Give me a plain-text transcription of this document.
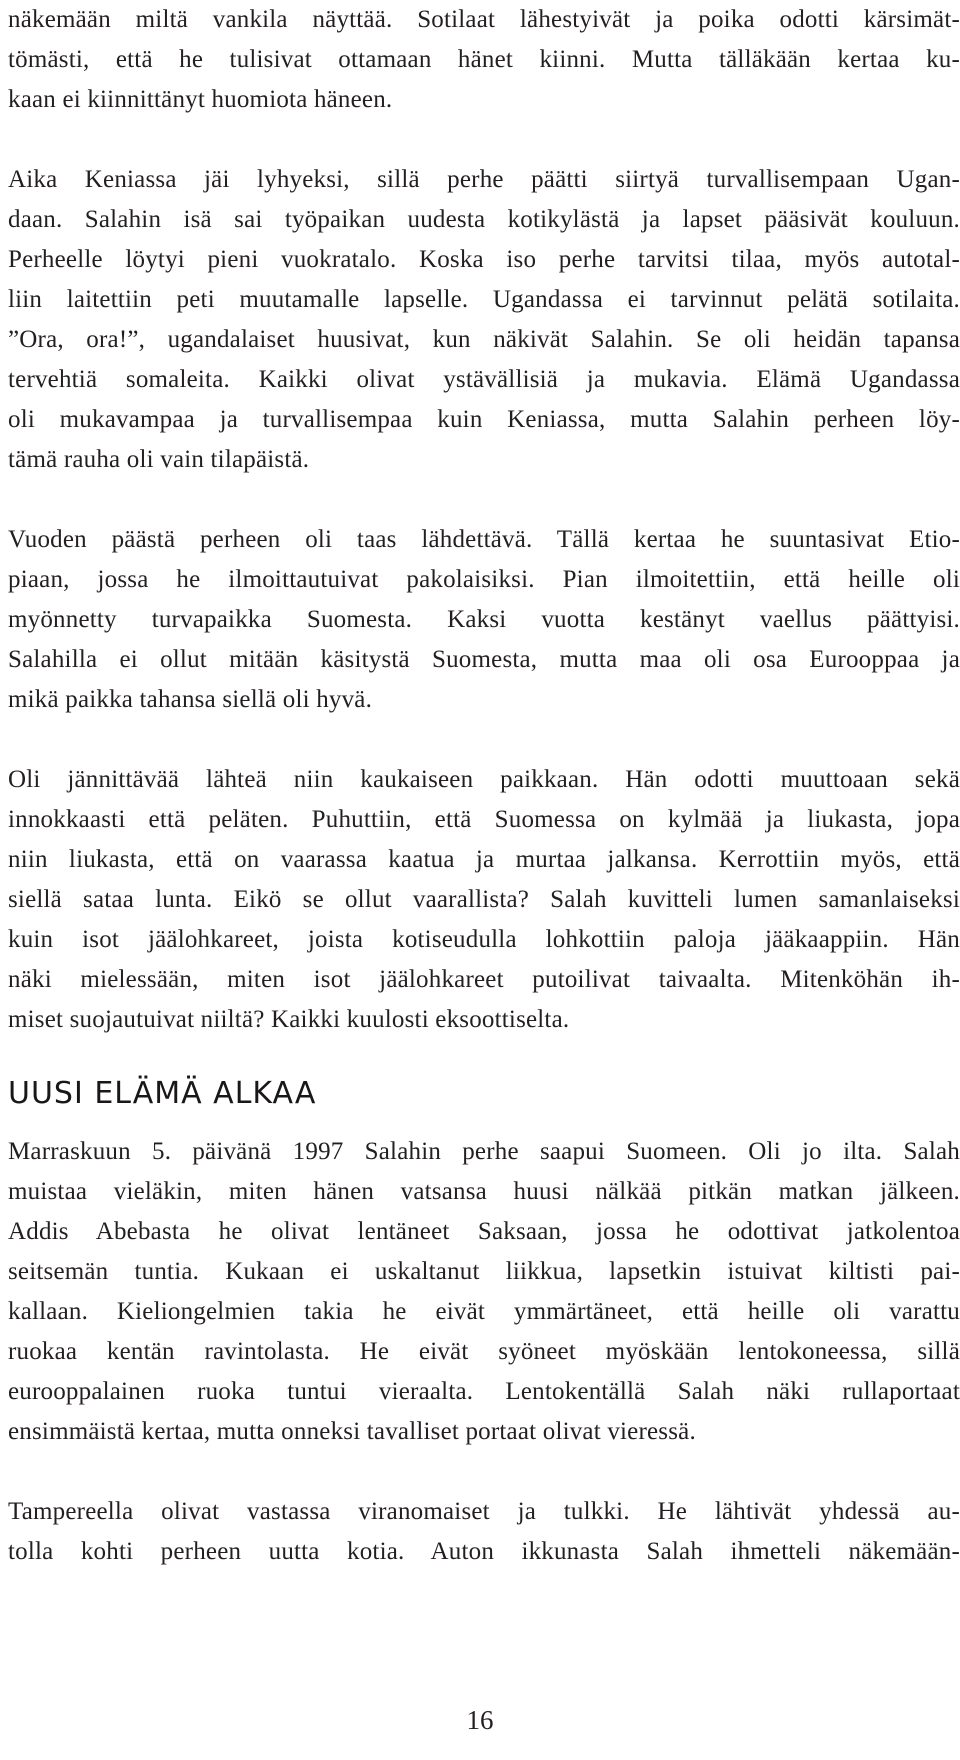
näkemään miltä vankila näyttää. Sotilaat lähestyivät ja poika odotti kärsimät-
tömästi, että he tulisivat ottamaan hänet kiinni. Mutta tälläkään kertaa ku-
kaan ei kiinnittänyt huomiota häneen.

Aika Keniassa jäi lyhyeksi, sillä perhe päätti siirtyä turvallisempaan Ugan-
daan. Salahin isä sai työpaikan uudesta kotikylästä ja lapset pääsivät kouluun.
Perheelle löytyi pieni vuokratalo. Koska iso perhe tarvitsi tilaa, myös autotal-
liin laitettiin peti muutamalle lapselle. Ugandassa ei tarvinnut pelätä sotilaita.
”Ora, ora!”, ugandalaiset huusivat, kun näkivät Salahin. Se oli heidän tapansa
tervehtiä somaleita. Kaikki olivat ystävällisiä ja mukavia. Elämä Ugandassa
oli mukavampaa ja turvallisempaa kuin Keniassa, mutta Salahin perheen löy-
tämä rauha oli vain tilapäistä.

Vuoden päästä perheen oli taas lähdettävä. Tällä kertaa he suuntasivat Etio-
piaan, jossa he ilmoittautuivat pakolaisiksi. Pian ilmoitettiin, että heille oli
myönnetty turvapaikka Suomesta. Kaksi vuotta kestänyt vaellus päättyisi.
Salahilla ei ollut mitään käsitystä Suomesta, mutta maa oli osa Eurooppaa ja
mikä paikka tahansa siellä oli hyvä.

Oli jännittävää lähteä niin kaukaiseen paikkaan. Hän odotti muuttoaan sekä
innokkaasti että peläten. Puhuttiin, että Suomessa on kylmää ja liukasta, jopa
niin liukasta, että on vaarassa kaatua ja murtaa jalkansa. Kerrottiin myös, että
siellä sataa lunta. Eikö se ollut vaarallista? Salah kuvitteli lumen samanlaiseksi
kuin isot jäälohkareet, joista kotiseudulla lohkottiin paloja jääkaappiin. Hän
näki mielessään, miten isot jäälohkareet putoilivat taivaalta. Mitenköhän ih-
miset suojautuivat niiltä? Kaikki kuulosti eksoottiselta.

UUSI ELÄMÄ ALKAA

Marraskuun 5. päivänä 1997 Salahin perhe saapui Suomeen. Oli jo ilta. Salah
muistaa vieläkin, miten hänen vatsansa huusi nälkää pitkän matkan jälkeen.
Addis Abebasta he olivat lentäneet Saksaan, jossa he odottivat jatkolentoa
seitsemän tuntia. Kukaan ei uskaltanut liikkua, lapsetkin istuivat kiltisti pai-
kallaan. Kieliongelmien takia he eivät ymmärtäneet, että heille oli varattu
ruokaa kentän ravintolasta. He eivät syöneet myöskään lentokoneessa, sillä
eurooppalainen ruoka tuntui vieraalta. Lentokentällä Salah näki rullaportaat
ensimmäistä kertaa, mutta onneksi tavalliset portaat olivat vieressä.

Tampereella olivat vastassa viranomaiset ja tulkki. He lähtivät yhdessä au-
tolla kohti perheen uutta kotia. Auton ikkunasta Salah ihmetteli näkemään-

16
